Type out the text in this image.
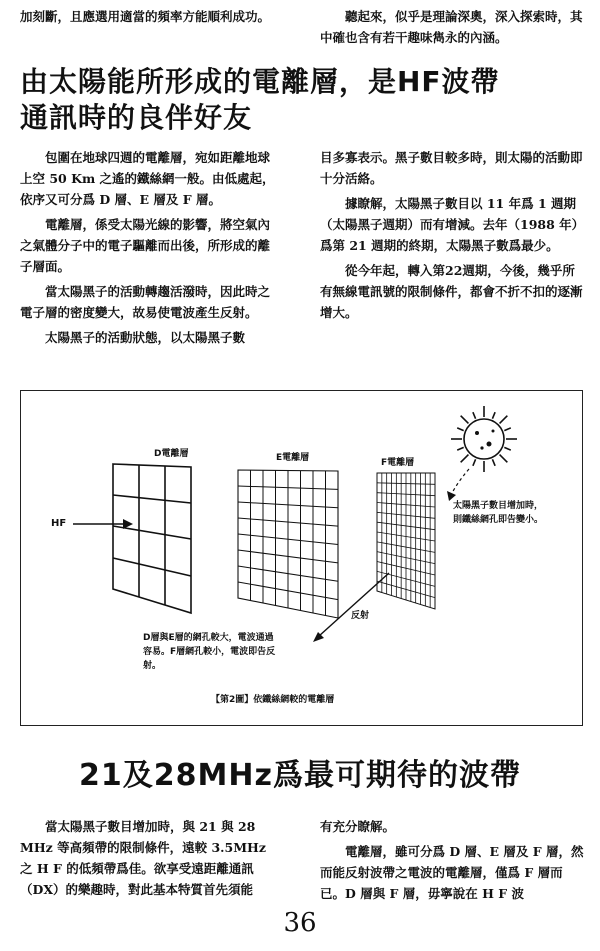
加刻斷，且應選用適當的頻率方能順利成功。	聽起來，似乎是理論深奧，深入探索時，其中確也含有若干趣味雋永的內涵。

由太陽能所形成的電離層，是HF波帶

通訊時的良伴好友

包圍在地球四週的電離層，宛如距離地球上空 50 Km 之遙的鐵絲網一般。由低處起，依序又可分爲 D 層、E 層及 F 層。

電離層，係受太陽光線的影響，將空氣內之氣體分子中的電子驅離而出後，所形成的離子層面。

當太陽黑子的活動轉趨活潑時，因此時之電子層的密度變大，故易使電波產生反射。

太陽黑子的活動狀態，以太陽黑子數

目多寡表示。黑子數目較多時，則太陽的活動即十分活絡。

據瞭解，太陽黑子數目以 11 年爲 1 週期（太陽黑子週期）而有增減。去年（1988 年）爲第 21 週期的終期，太陽黑子數爲最少。

從今年起，轉入第22週期，今後，幾乎所有無線電訊號的限制條件，都會不折不扣的逐漸增大。

D電離層	E電離層	F電離層
HF
太陽黑子數目增加時，則鐵絲網孔即告變小。
反射
D層與E層的網孔較大，電波通過
容易。F層網孔較小，電波即告反
射。
【第2圖】依鐵絲網較的電離層

21及28MHz爲最可期待的波帶

當太陽黑子數目增加時，與 21 與 28 MHz 等高頻帶的限制條件，遠較 3.5MHz 之 H F 的低頻帶爲佳。欲享受遠距離通訊（DX）的樂趣時，對此基本特質首先須能

有充分瞭解。

電離層，雖可分爲 D 層、E 層及 F 層，然而能反射波帶之電波的電離層，僅爲 F 層而已。D 層與 F 層，毋寧說在 H F 波

36
